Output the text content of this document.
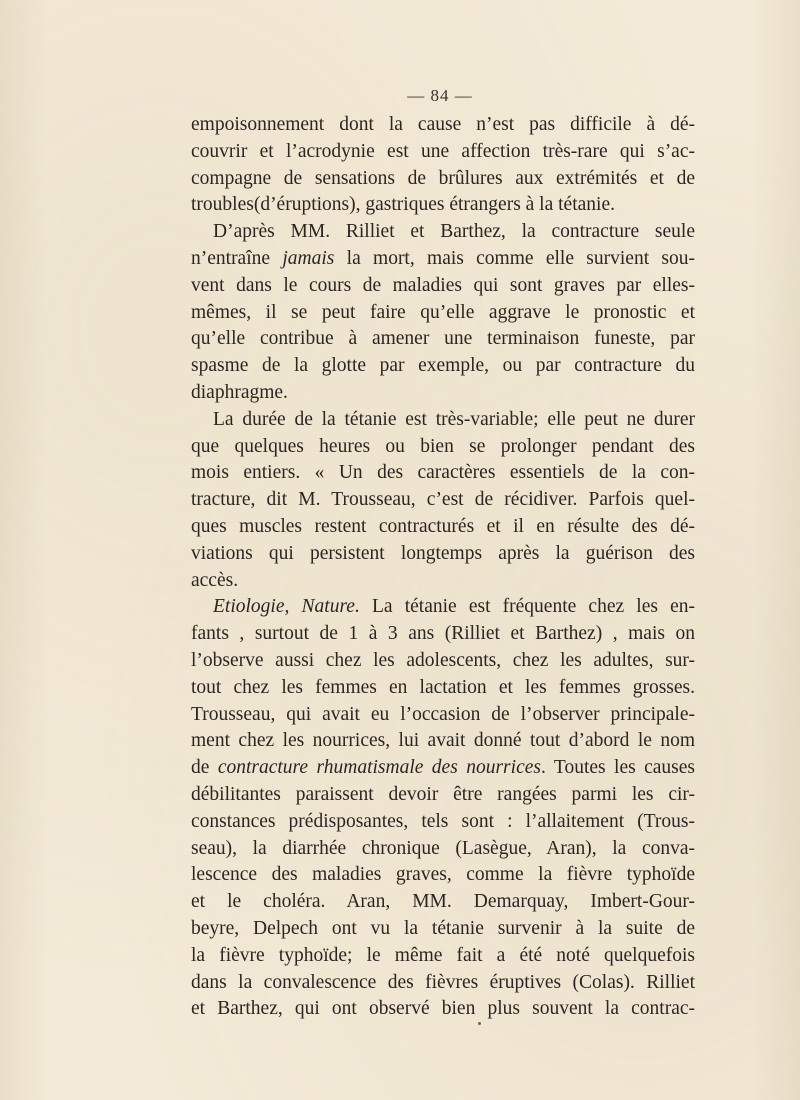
— 84 —
empoisonnement dont la cause n’est pas difficile à dé-
couvrir et l’acrodynie est une affection très-rare qui s’ac-
compagne de sensations de brûlures aux extrémités et de
troubles(d’éruptions), gastriques étrangers à la tétanie.
D’après MM. Rilliet et Barthez, la contracture seule
n’entraîne jamais la mort, mais comme elle survient sou-
vent dans le cours de maladies qui sont graves par elles-
mêmes, il se peut faire qu’elle aggrave le pronostic et
qu’elle contribue à amener une terminaison funeste, par
spasme de la glotte par exemple, ou par contracture du
diaphragme.
La durée de la tétanie est très-variable; elle peut ne durer
que quelques heures ou bien se prolonger pendant des
mois entiers. « Un des caractères essentiels de la con-
tracture, dit M. Trousseau, c’est de récidiver. Parfois quel-
ques muscles restent contracturés et il en résulte des dé-
viations qui persistent longtemps après la guérison des
accès.
Etiologie, Nature. La tétanie est fréquente chez les en-
fants , surtout de 1 à 3 ans (Rilliet et Barthez) , mais on
l’observe aussi chez les adolescents, chez les adultes, sur-
tout chez les femmes en lactation et les femmes grosses.
Trousseau, qui avait eu l’occasion de l’observer principale-
ment chez les nourrices, lui avait donné tout d’abord le nom
de contracture rhumatismale des nourrices. Toutes les causes
débilitantes paraissent devoir être rangées parmi les cir-
constances prédisposantes, tels sont : l’allaitement (Trous-
seau), la diarrhée chronique (Lasègue, Aran), la conva-
lescence des maladies graves, comme la fièvre typhoïde
et le choléra. Aran, MM. Demarquay, Imbert-Gour-
beyre, Delpech ont vu la tétanie survenir à la suite de
la fièvre typhoïde; le même fait a été noté quelquefois
dans la convalescence des fièvres éruptives (Colas). Rilliet
et Barthez, qui ont observé bien plus souvent la contrac-
